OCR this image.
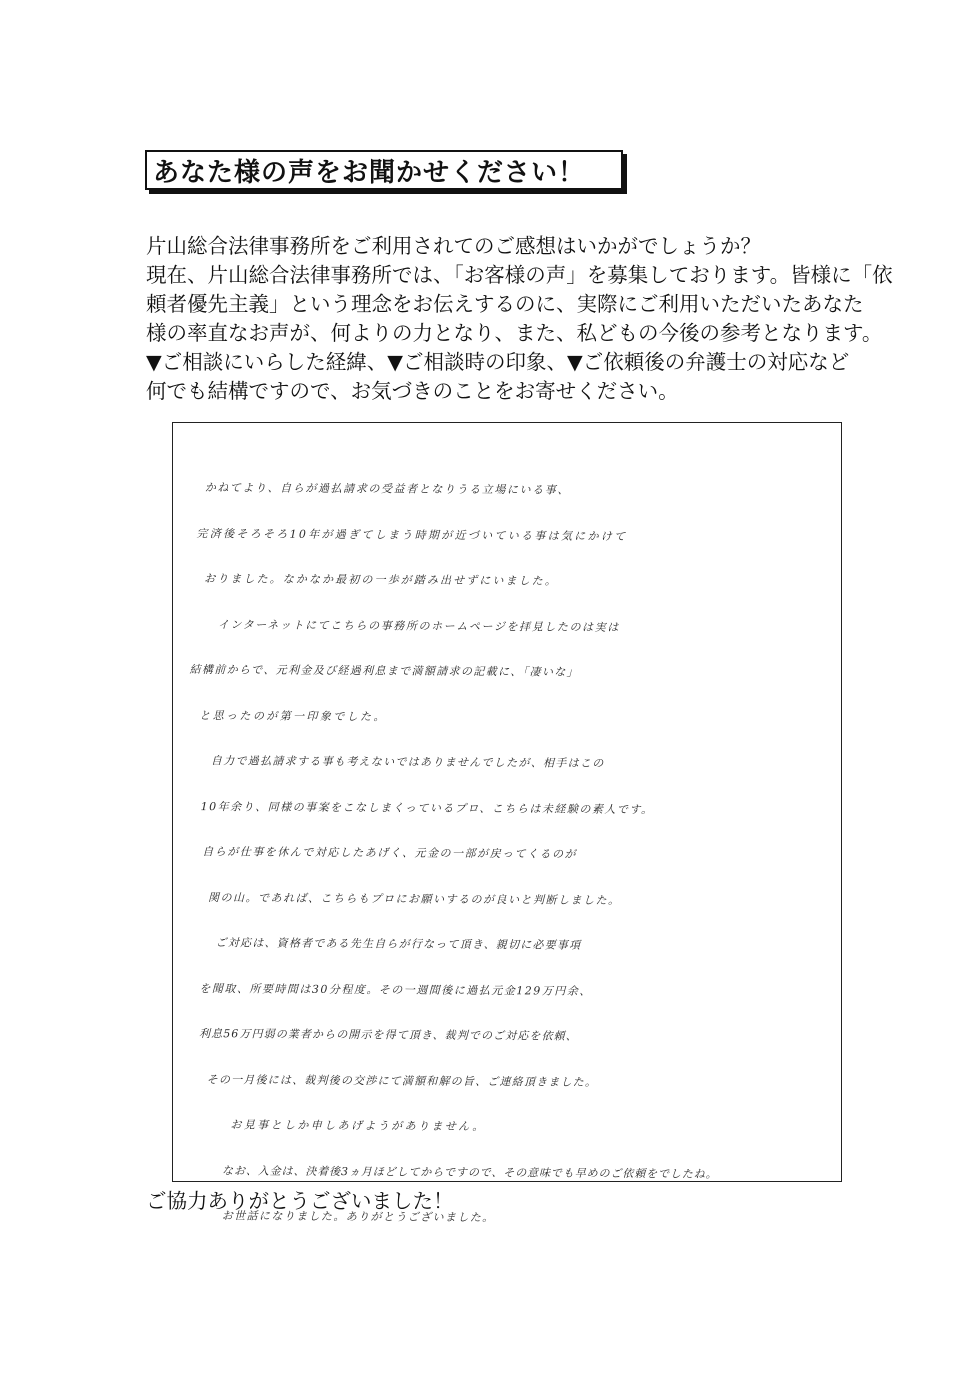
あなた様の声をお聞かせください！

片山総合法律事務所をご利用されてのご感想はいかがでしょうか？

現在、片山総合法律事務所では、「お客様の声」を募集しております。皆様に「依

頼者優先主義」という理念をお伝えするのに、実際にご利用いただいたあなた

様の率直なお声が、何よりの力となり、また、私どもの今後の参考となります。

▼ご相談にいらした経緯、▼ご相談時の印象、▼ご依頼後の弁護士の対応など

何でも結構ですので、お気づきのことをお寄せください。

かねてより、自らが過払請求の受益者となりうる立場にいる事、
完済後そろそろ10年が過ぎてしまう時期が近づいている事は気にかけて
おりました。なかなか最初の一歩が踏み出せずにいました。
インターネットにてこちらの事務所のホームページを拝見したのは実は
結構前からで、元利金及び経過利息まで満額請求の記載に、「凄いな」
と思ったのが第一印象でした。
自力で過払請求する事も考えないではありませんでしたが、相手はこの
10年余り、同様の事案をこなしまくっているプロ、こちらは未経験の素人です。
自らが仕事を休んで対応したあげく、元金の一部が戻ってくるのが
関の山。であれば、こちらもプロにお願いするのが良いと判断しました。
ご対応は、資格者である先生自らが行なって頂き、親切に必要事項
を聞取、所要時間は30分程度。その一週間後に過払元金129万円余、
利息56万円弱の業者からの開示を得て頂き、裁判でのご対応を依頼、
その一月後には、裁判後の交渉にて満額和解の旨、ご連絡頂きました。
お見事としか申しあげようがありません。
なお、入金は、決着後3ヵ月ほどしてからですので、その意味でも早めのご依頼をでしたね。
お世話になりました。ありがとうございました。
ご協力ありがとうございました！
